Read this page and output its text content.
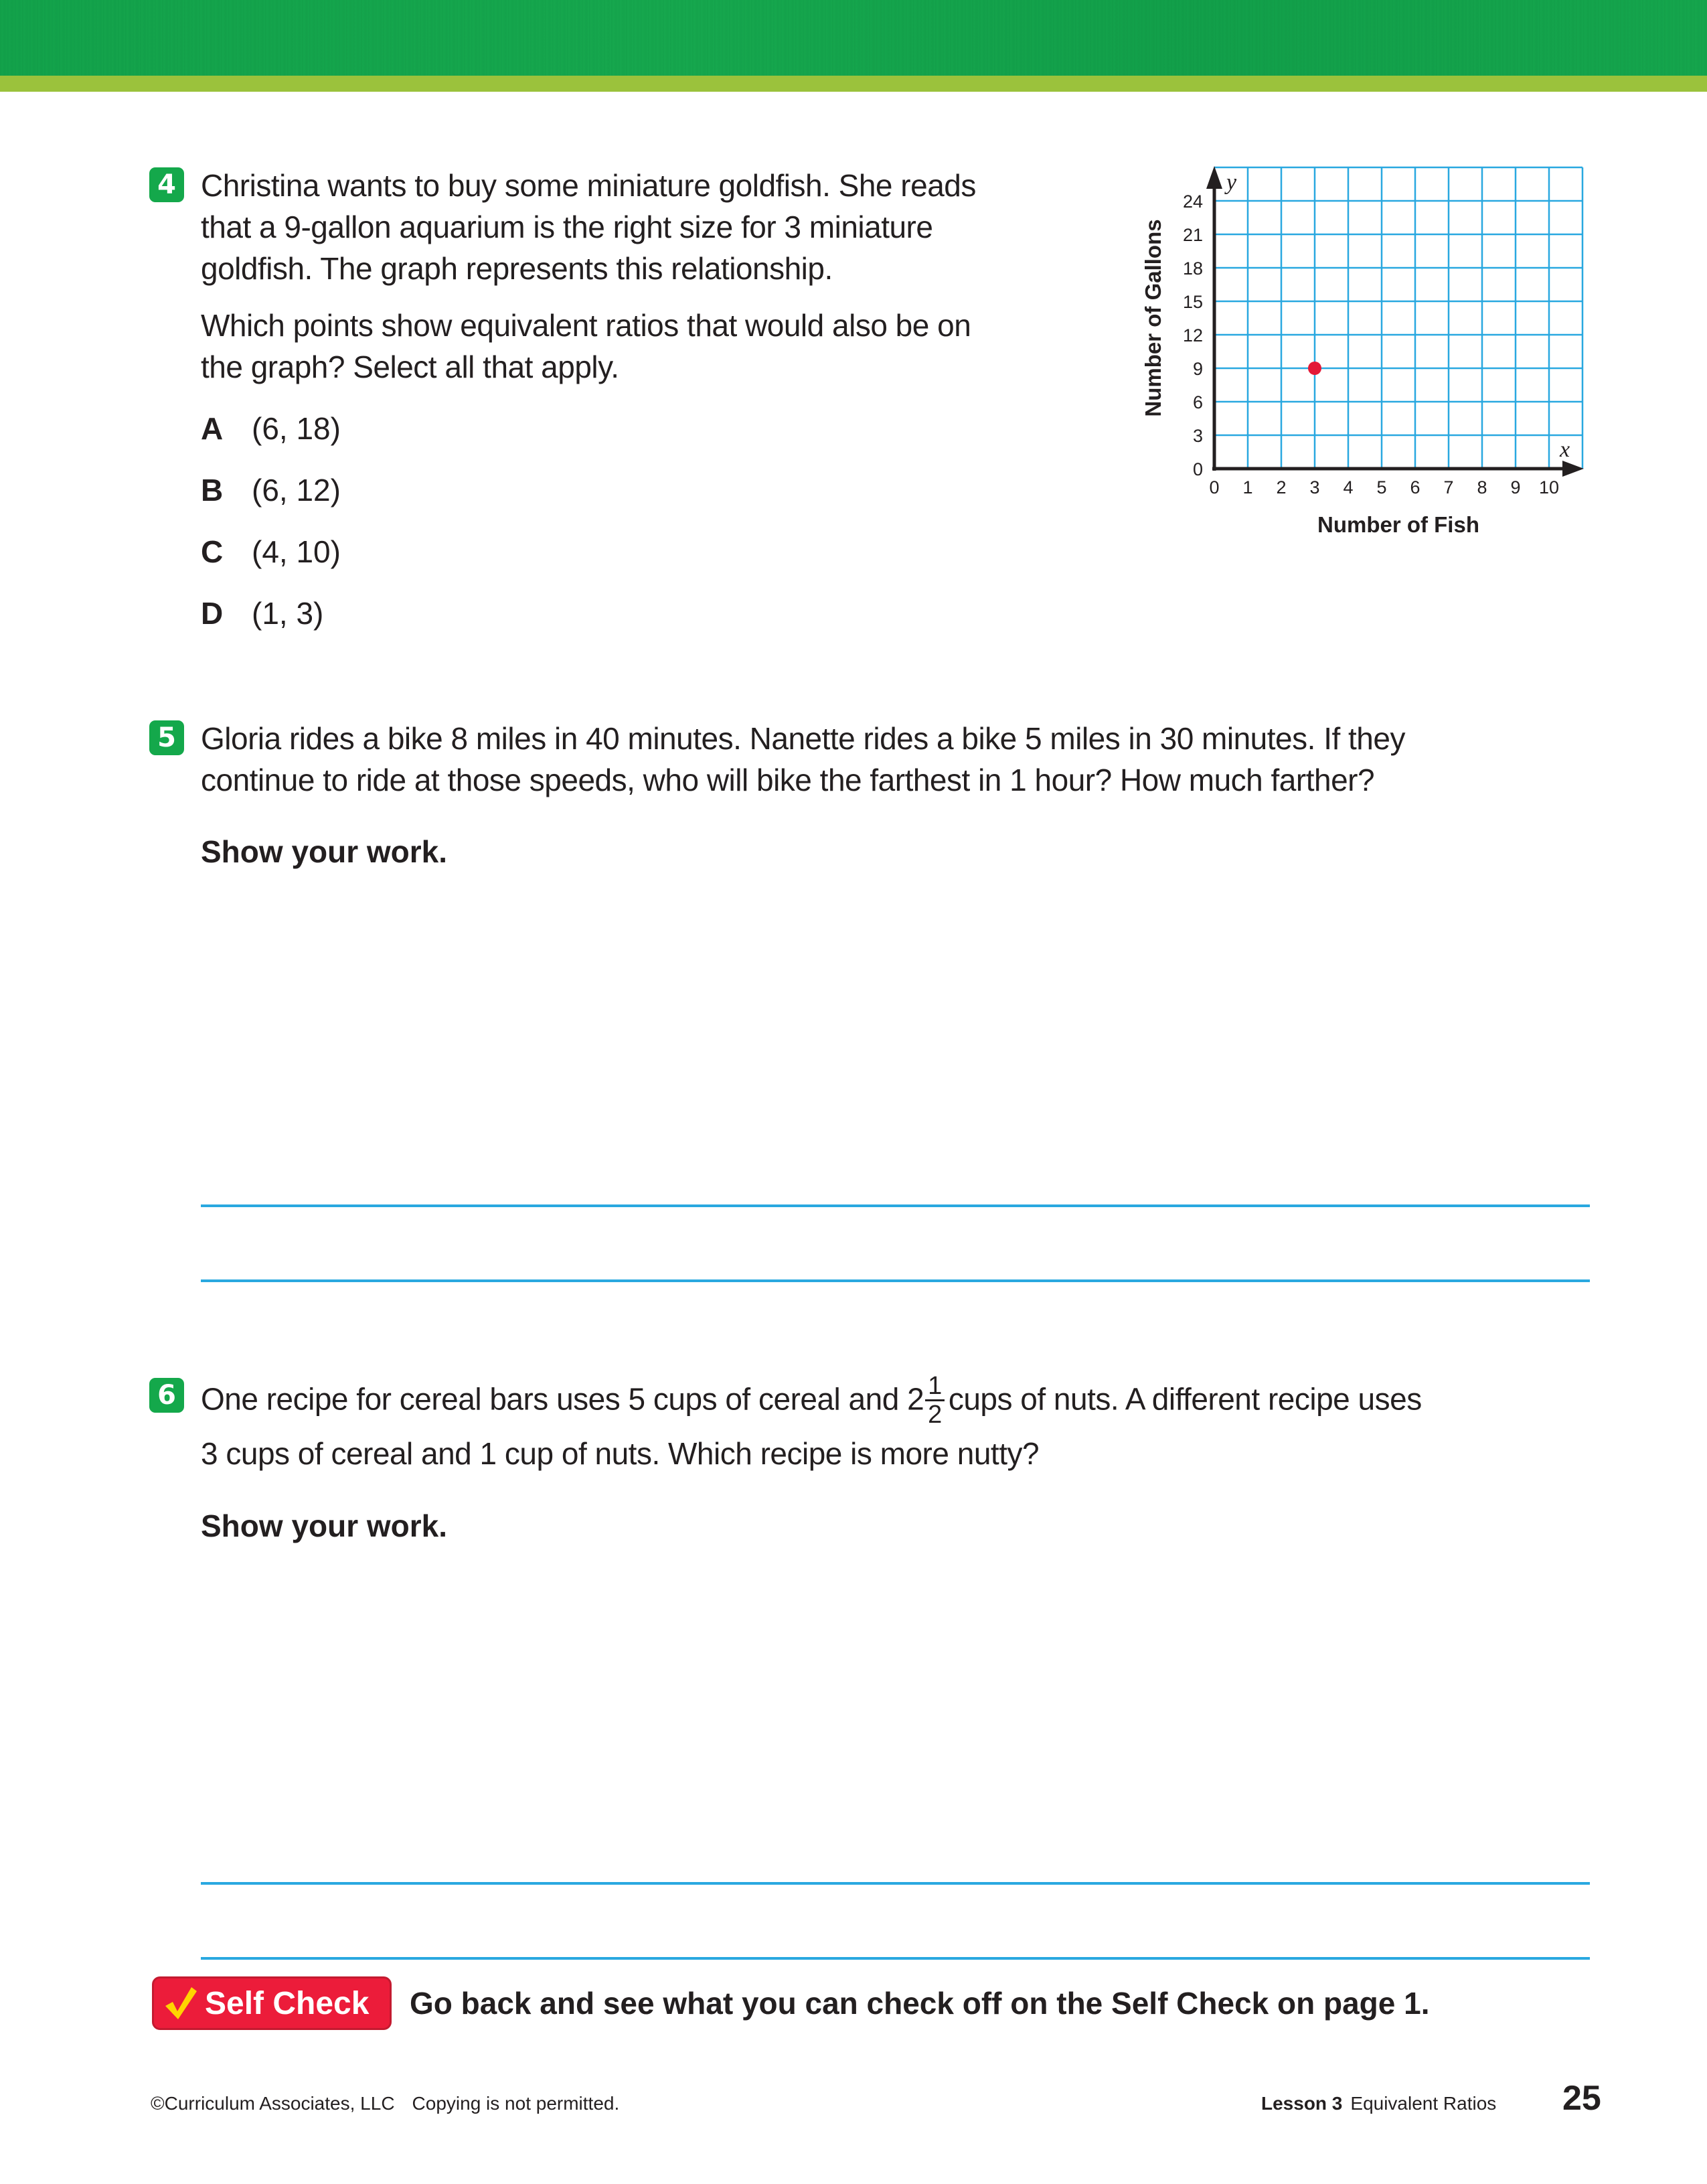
4 Christina wants to buy some miniature goldfish. She reads
that a 9-gallon aquarium is the right size for 3 miniature
goldfish. The graph represents this relationship.
Which points show equivalent ratios that would also be on
the graph? Select all that apply.
A (6, 18)
B (6, 12)
C (4, 10)
D (1, 3)
y
x
0
3
6
9
12
15
18
21
24
0 1 2 3 4 5 6 7 8 9 10
Number of Fish
Number of Gallons
5 Gloria rides a bike 8 miles in 40 minutes. Nanette rides a bike 5 miles in 30 minutes. If they
continue to ride at those speeds, who will bike the farthest in 1 hour? How much farther?
Show your work.
6 One recipe for cereal bars uses 5 cups of cereal and $2 \frac{1}{2}$ cups of nuts. A different recipe uses
3 cups of cereal and 1 cup of nuts. Which recipe is more nutty?
Show your work.
Self Check Go back and see what you can check off on the Self Check on page 1.
©Curriculum Associates, LLC Copying is not permitted.	Lesson 3 Equivalent Ratios 25
